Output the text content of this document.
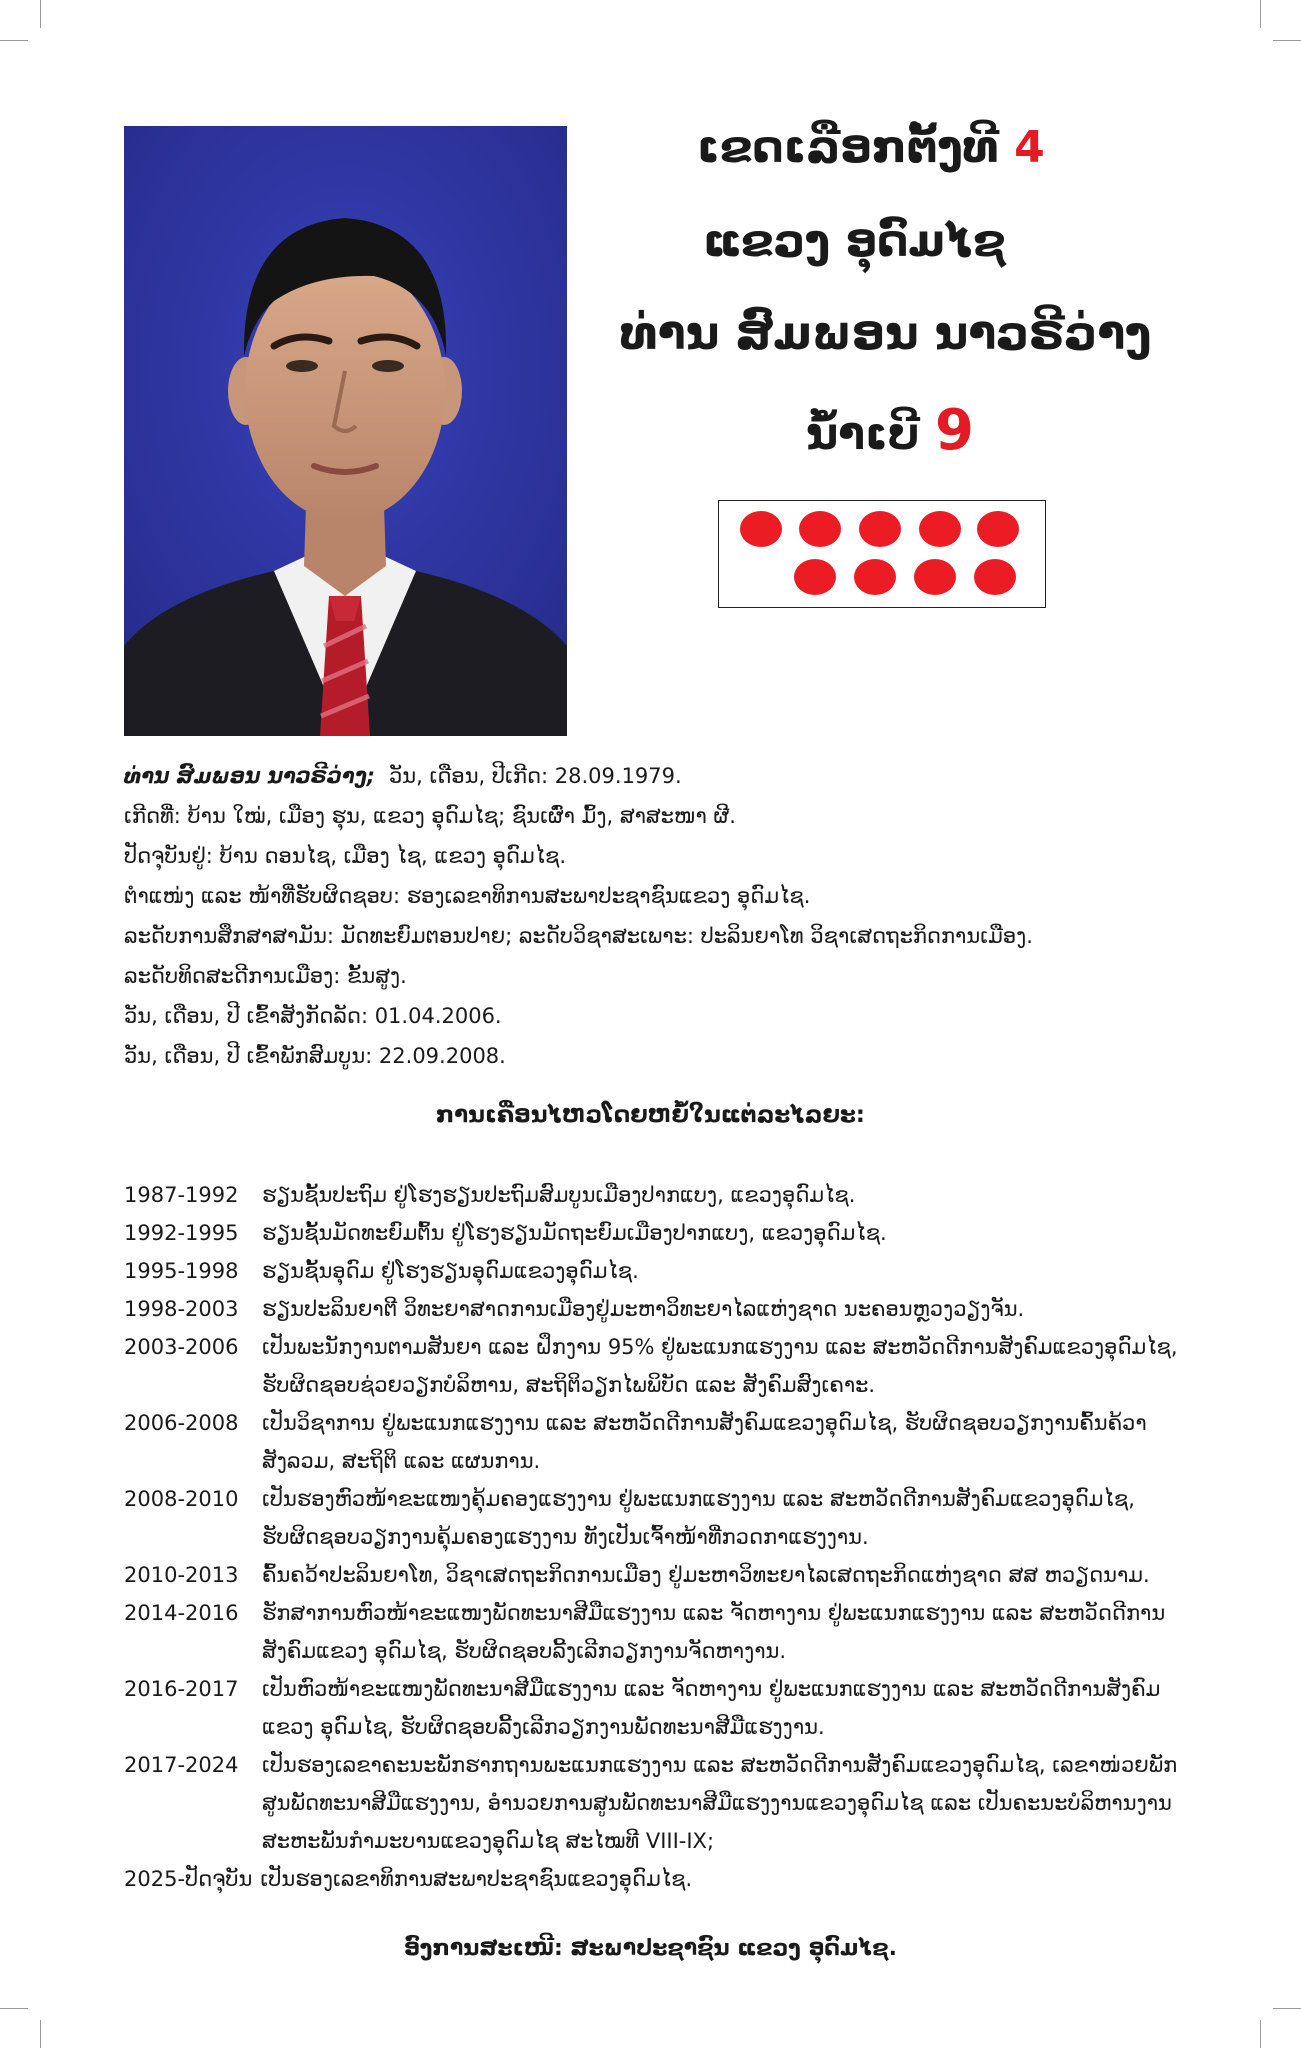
ເຂດເລືອກຕັ້ງທີ 4
ແຂວງ ອຸດົມໄຊ
ທ່ານ ສົມພອນ ນາວຣີວ່າງ
ນ້ຳເບີ 9
ທ່ານ ສົມພອນ ນາວຣີວ່າງ; ວັນ, ເດືອນ, ປີເກີດ: 28.09.1979.
ເກີດທີ່: ບ້ານ ໃໝ່, ເມືອງ ຮຸນ, ແຂວງ ອຸດົມໄຊ; ຊົນເຜົ່າ ມົ້ງ, ສາສະໜາ ຜີ.
ປັດຈຸບັນຢູ່: ບ້ານ ດອນໄຊ, ເມືອງ ໄຊ, ແຂວງ ອຸດົມໄຊ.
ຕຳແໜ່ງ ແລະ ໜ້າທີ່ຮັບຜິດຊອບ: ຮອງເລຂາທິການສະພາປະຊາຊົນແຂວງ ອຸດົມໄຊ.
ລະດັບການສຶກສາສາມັນ: ມັດທະຍົມຕອນປາຍ; ລະດັບວິຊາສະເພາະ: ປະລິນຍາໂທ ວິຊາເສດຖະກິດການເມືອງ.
ລະດັບທິດສະດີການເມືອງ: ຂັ້ນສູງ.
ວັນ, ເດືອນ, ປີ ເຂົ້າສັງກັດລັດ: 01.04.2006.
ວັນ, ເດືອນ, ປີ ເຂົ້າພັກສົມບູນ: 22.09.2008.
ການເຄື່ອນໄຫວໂດຍຫຍໍ້ໃນແຕ່ລະໄລຍະ:
1987-1992	ຮຽນຊັ້ນປະຖົມ ຢູ່ໂຮງຮຽນປະຖົມສົມບູນເມືອງປາກແບງ, ແຂວງອຸດົມໄຊ.
1992-1995	ຮຽນຊັ້ນມັດທະຍົມຕົ້ນ ຢູ່ໂຮງຮຽນມັດຖະຍົມເມືອງປາກແບງ, ແຂວງອຸດົມໄຊ.
1995-1998	ຮຽນຊັ້ນອຸດົມ ຢູ່ໂຮງຮຽນອຸດົມແຂວງອຸດົມໄຊ.
1998-2003	ຮຽນປະລິນຍາຕີ ວິທະຍາສາດການເມືອງຢູ່ມະຫາວິທະຍາໄລແຫ່ງຊາດ ນະຄອນຫຼວງວຽງຈັນ.
2003-2006	ເປັນພະນັກງານຕາມສັນຍາ ແລະ ຝຶກງານ 95% ຢູ່ພະແນກແຮງງານ ແລະ ສະຫວັດດີການສັງຄົມແຂວງອຸດົມໄຊ, ຮັບຜິດຊອບຊ່ວຍວຽກບໍລິຫານ, ສະຖິຕິວຽກໄພພິບັດ ແລະ ສັງຄົມສົງເຄາະ.
2006-2008	ເປັນວິຊາການ ຢູ່ພະແນກແຮງງານ ແລະ ສະຫວັດດີການສັງຄົມແຂວງອຸດົມໄຊ, ຮັບຜິດຊອບວຽກງານຄົ້ນຄ້ວາ ສັງລວມ, ສະຖິຕິ ແລະ ແຜນການ.
2008-2010	ເປັນຮອງຫົວໜ້າຂະແໜງຄຸ້ມຄອງແຮງງານ ຢູ່ພະແນກແຮງງານ ແລະ ສະຫວັດດີການສັງຄົມແຂວງອຸດົມໄຊ, ຮັບຜິດຊອບວຽກງານຄຸ້ມຄອງແຮງງານ ທັງເປັນເຈົ້າໜ້າທີ່ກວດກາແຮງງານ.
2010-2013	ຄົ້ນຄວ້າປະລິນຍາໂທ, ວິຊາເສດຖະກິດການເມືອງ ຢູ່ມະຫາວິທະຍາໄລເສດຖະກິດແຫ່ງຊາດ ສສ ຫວຽດນາມ.
2014-2016	ຮັກສາການຫົວໜ້າຂະແໜງພັດທະນາສີມືແຮງງານ ແລະ ຈັດຫາງານ ຢູ່ພະແນກແຮງງານ ແລະ ສະຫວັດດີການສັງຄົມແຂວງ ອຸດົມໄຊ, ຮັບຜິດຊອບລີ້ງເລີກວຽກງານຈັດຫາງານ.
2016-2017	ເປັນຫົວໜ້າຂະແໜງພັດທະນາສີມືແຮງງານ ແລະ ຈັດຫາງານ ຢູ່ພະແນກແຮງງານ ແລະ ສະຫວັດດີການສັງຄົມແຂວງ ອຸດົມໄຊ, ຮັບຜິດຊອບລີ້ງເລີກວຽກງານພັດທະນາສີມືແຮງງານ.
2017-2024	ເປັນຮອງເລຂາຄະນະພັກຮາກຖານພະແນກແຮງງານ ແລະ ສະຫວັດດີການສັງຄົມແຂວງອຸດົມໄຊ, ເລຂາໜ່ວຍພັກສູນພັດທະນາສີມືແຮງງານ, ອຳນວຍການສູນພັດທະນາສີມືແຮງງານແຂວງອຸດົມໄຊ ແລະ ເປັນຄະນະບໍລິຫານງານສະຫະພັນກຳມະບານແຂວງອຸດົມໄຊ ສະໄໝທີ VIII-IX;
2025-ປັດຈຸບັນ ເປັນຮອງເລຂາທິການສະພາປະຊາຊົນແຂວງອຸດົມໄຊ.
ອົງການສະເໜີ: ສະພາປະຊາຊົນ ແຂວງ ອຸດົມໄຊ.
